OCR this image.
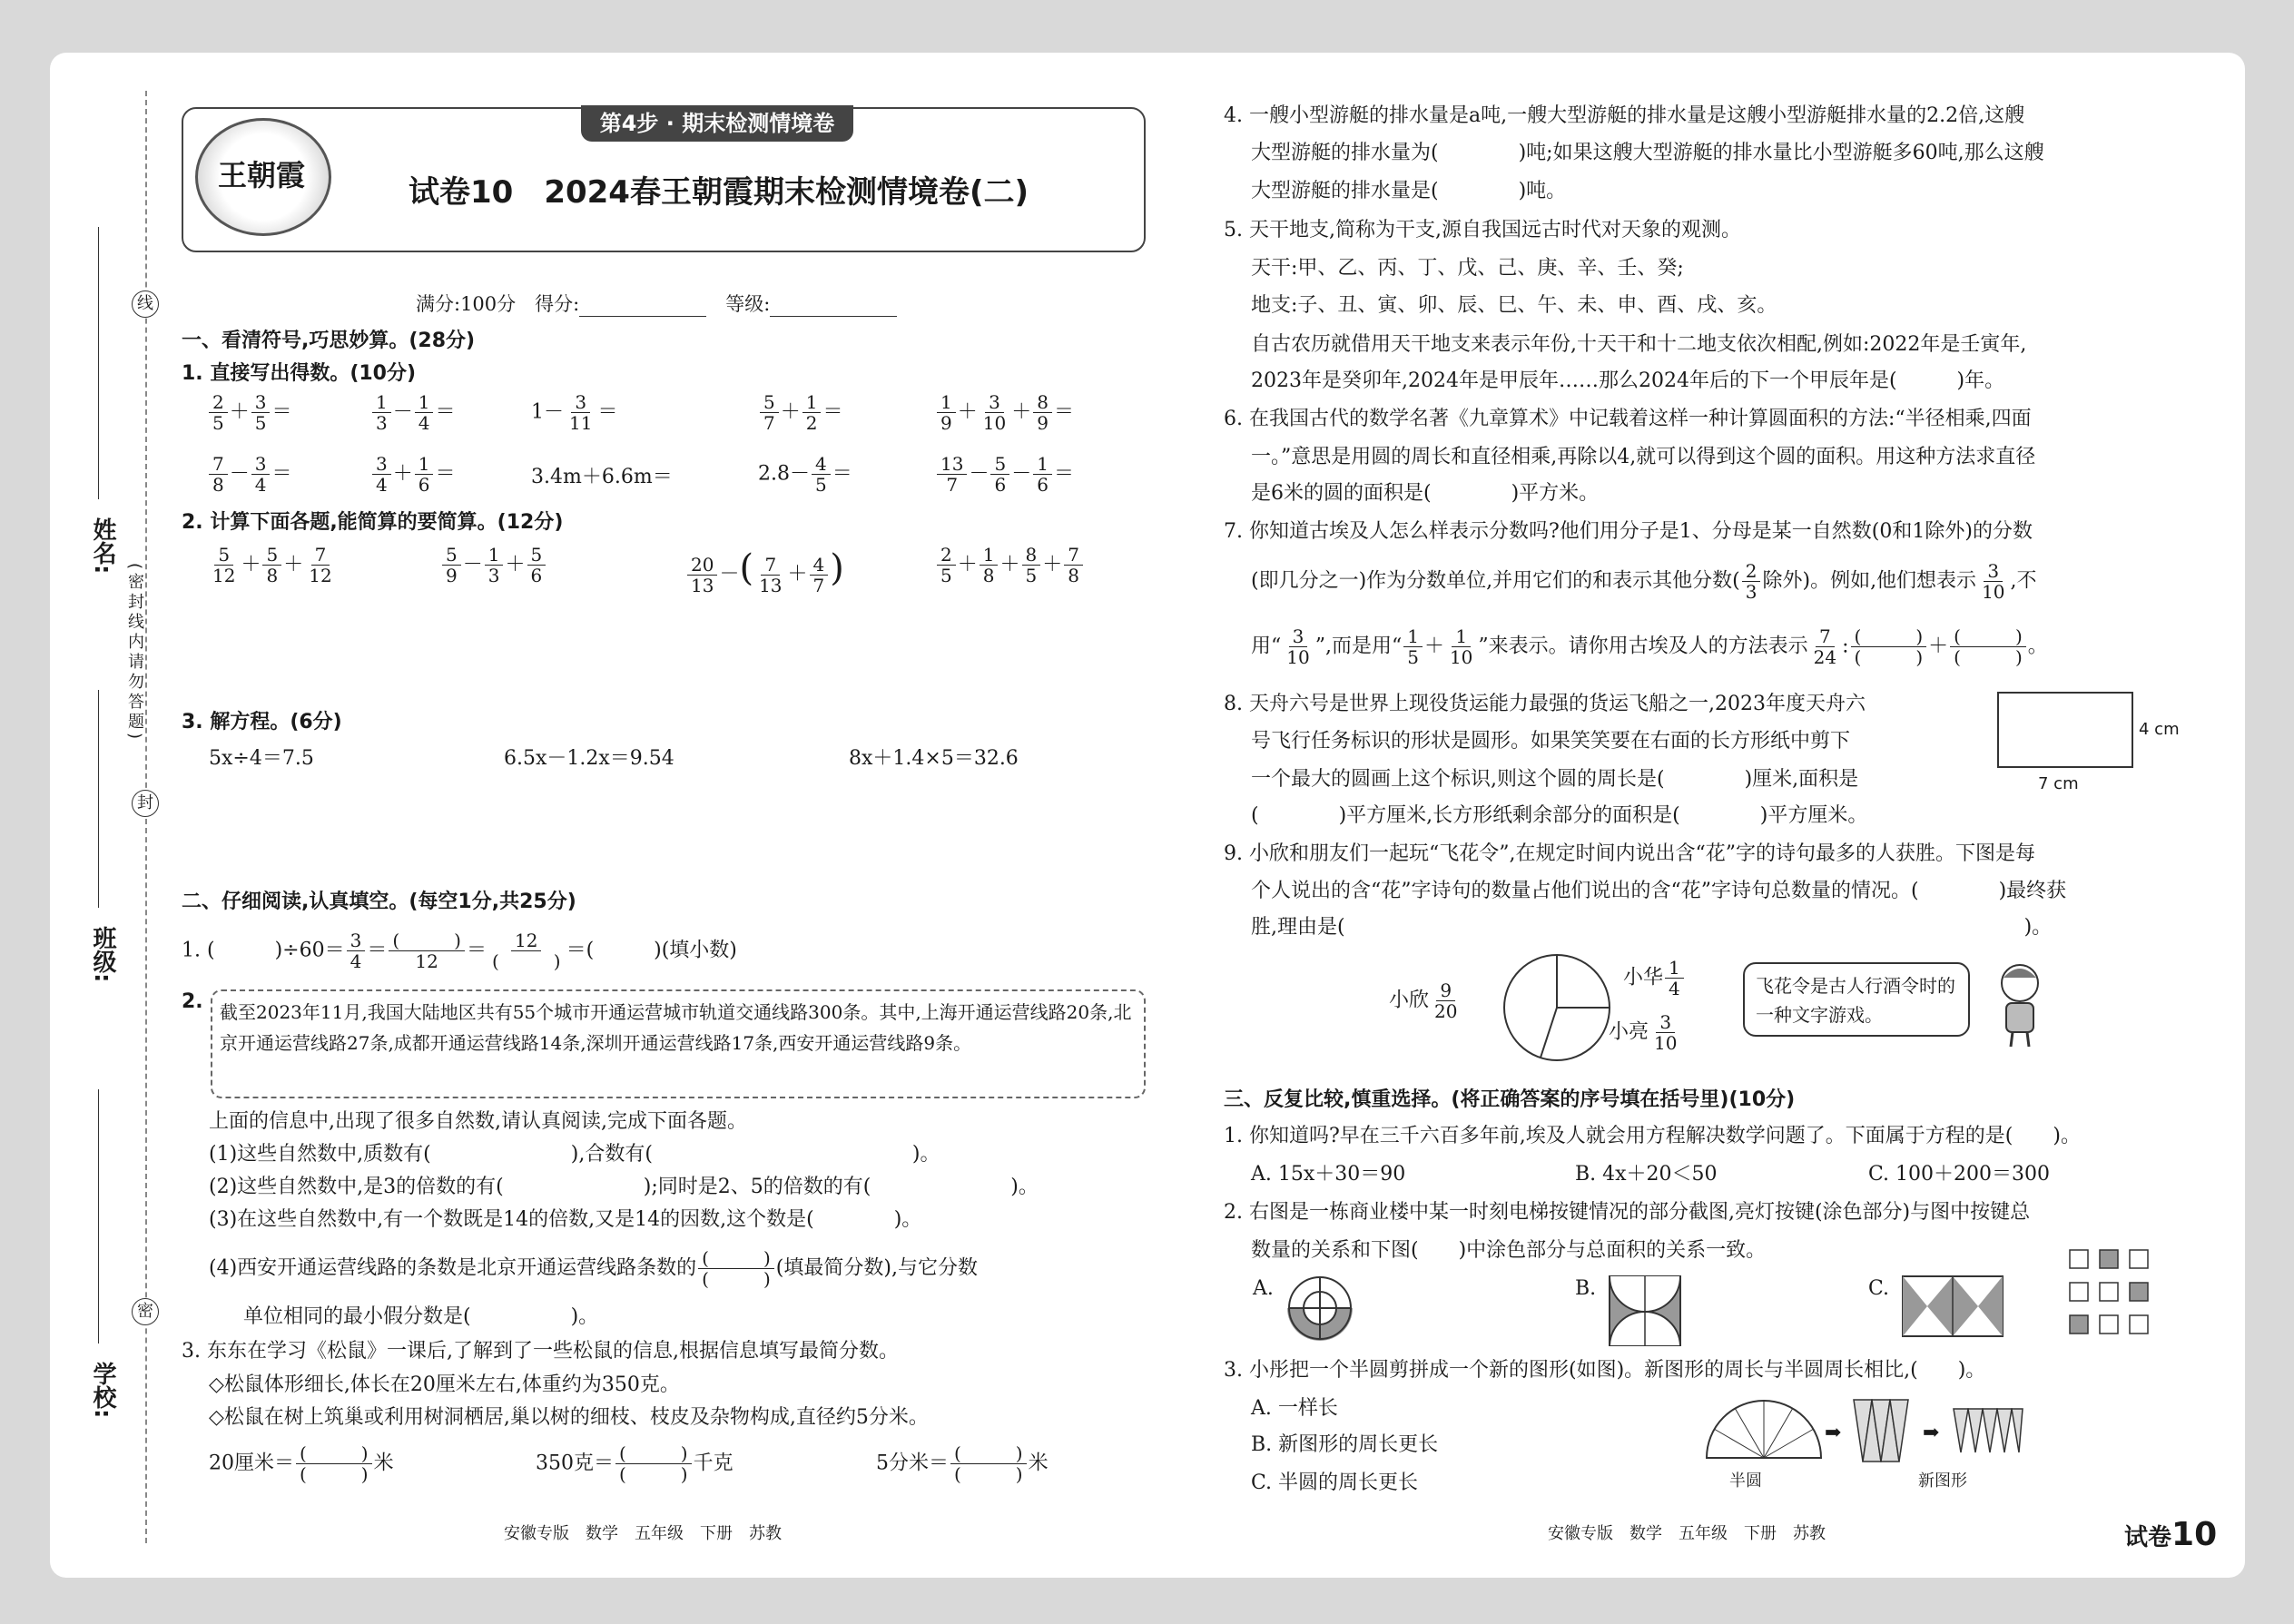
线
封
密
(密封线内请勿答题)
姓名:
班级:
学校:
第4步 · 期末检测情境卷
王朝霞	试卷10　2024春王朝霞期末检测情境卷(二)
满分:100分　得分:　	等级:
一、看清符号,巧思妙算。(28分)
1. 直接写出得数。(10分)
$\frac{2}{5} + \frac{3}{5}$ ＝	$\frac{1}{3} - \frac{1}{4}$ ＝	$1- \frac{3}{11}$ ＝	$\frac{5}{7} + \frac{1}{2}$ ＝	$\frac{1}{9} + \frac{3}{10} + \frac{8}{9}$ ＝
$\frac{7}{8} - \frac{3}{4}$ ＝	$\frac{3}{4} + \frac{1}{6}$ ＝	3.4m＋6.6m＝	$2.8- \frac{4}{5}$ ＝	$\frac{13}{7} - \frac{5}{6} - \frac{1}{6}$ ＝
2. 计算下面各题,能简算的要简算。(12分)
$\frac{5}{12} + \frac{5}{8} + \frac{7}{12}$	$\frac{5}{9} - \frac{1}{3} + \frac{5}{6}$	$\frac{20}{13}$ －( $\frac{7}{13} + \frac{4}{7}$ )	$\frac{2}{5} + \frac{1}{8} + \frac{8}{5} + \frac{7}{8}$
3. 解方程。(6分)
5x÷4＝7.5	6.5x－1.2x＝9.54	8x＋1.4×5＝32.6
二、仔细阅读,认真填空。(每空1分,共25分)
1. (　　　)$\div 60= \frac{3}{4} = \frac{( )}{12} = \frac{12}{( )}$ ＝(　　　)(填小数)
2. 截至2023年11月,我国大陆地区共有55个城市开通运营城市轨道交通线路300条。其中,上海开通运营线路20条,北京开通运营线路27条,成都开通运营线路14条,深圳开通运营线路17条,西安开通运营线路9条。
上面的信息中,出现了很多自然数,请认真阅读,完成下面各题。
(1)这些自然数中,质数有(　　　　　　　),合数有(　　　　　　　　　　　　　)。
(2)这些自然数中,是3的倍数的有(　　　　　　　);同时是2、5的倍数的有(　　　　　　　)。
(3)在这些自然数中,有一个数既是14的倍数,又是14的因数,这个数是(　　　　)。
(4)西安开通运营线路的条数是北京开通运营线路条数的 $\frac{( )}{( )}$ (填最简分数),与它分数
单位相同的最小假分数是(　　　　　)。
3. 东东在学习《松鼠》一课后,了解到了一些松鼠的信息,根据信息填写最简分数。
◇松鼠体形细长,体长在20厘米左右,体重约为350克。
◇松鼠在树上筑巢或利用树洞栖居,巢以树的细枝、枝皮及杂物构成,直径约5分米。
20厘米＝ $\frac{( )}{( )}$ 米	350克＝ $\frac{( )}{( )}$ 千克	5分米＝ $\frac{( )}{( )}$ 米
安徽专版　数学　五年级　下册　苏教
4. 一艘小型游艇的排水量是a吨,一艘大型游艇的排水量是这艘小型游艇排水量的2.2倍,这艘
大型游艇的排水量为(　　　　)吨;如果这艘大型游艇的排水量比小型游艇多60吨,那么这艘
大型游艇的排水量是(　　　　)吨。
5. 天干地支,简称为干支,源自我国远古时代对天象的观测。
天干:甲、乙、丙、丁、戊、己、庚、辛、壬、癸;
地支:子、丑、寅、卯、辰、巳、午、未、申、酉、戌、亥。
自古农历就借用天干地支来表示年份,十天干和十二地支依次相配,例如:2022年是壬寅年,
2023年是癸卯年,2024年是甲辰年……那么2024年后的下一个甲辰年是(　　　)年。
6. 在我国古代的数学名著《九章算术》中记载着这样一种计算圆面积的方法:“半径相乘,四面
一。”意思是用圆的周长和直径相乘,再除以4,就可以得到这个圆的面积。用这种方法求直径
是6米的圆的面积是(　　　　)平方米。
7. 你知道古埃及人怎么样表示分数吗?他们用分子是1、分母是某一自然数(0和1除外)的分数
(即几分之一)作为分数单位,并用它们的和表示其他分数( $\frac{2}{3}$ 除外)。例如,他们想表示 $\frac{3}{10}$ ,不
用“ $\frac{3}{10}$ ”,而是用“ $\frac{1}{5} + \frac{1}{10}$ ”来表示。请你用古埃及人的方法表示 $\frac{7}{24}$ : $\frac{( )}{( )} + \frac{( )}{( )}$ 。
8. 天舟六号是世界上现役货运能力最强的货运飞船之一,2023年度天舟六
号飞行任务标识的形状是圆形。如果笑笑要在右面的长方形纸中剪下
一个最大的圆画上这个标识,则这个圆的周长是(　　　　)厘米,面积是
(　　　　)平方厘米,长方形纸剩余部分的面积是(　　　　)平方厘米。
4 cm
7 cm
9. 小欣和朋友们一起玩“飞花令”,在规定时间内说出含“花”字的诗句最多的人获胜。下图是每
个人说出的含“花”字诗句的数量占他们说出的含“花”字诗句总数量的情况。(　　　　)最终获
胜,理由是(　　　　　　　　　　　　　　　　　　　　　　　　　　　　　　　　　　)。
小欣 $\frac{9}{20}$
小华 $\frac{1}{4}$
小亮 $\frac{3}{10}$
飞花令是古人行酒令时的一种文字游戏。
三、反复比较,慎重选择。(将正确答案的序号填在括号里)(10分)
1. 你知道吗?早在三千六百多年前,埃及人就会用方程解决数学问题了。下面属于方程的是(　　)。
A. 15x＋30＝90	B. 4x＋20＜50	C. 100＋200＝300
2. 右图是一栋商业楼中某一时刻电梯按键情况的部分截图,亮灯按键(涂色部分)与图中按键总
数量的关系和下图(　　)中涂色部分与总面积的关系一致。
A.	B.	C.
3. 小彤把一个半圆剪拼成一个新的图形(如图)。新图形的周长与半圆周长相比,(　　)。
A. 一样长
B. 新图形的周长更长
C. 半圆的周长更长
➡	➡
半圆	新图形
安徽专版　数学　五年级　下册　苏教	试卷10
